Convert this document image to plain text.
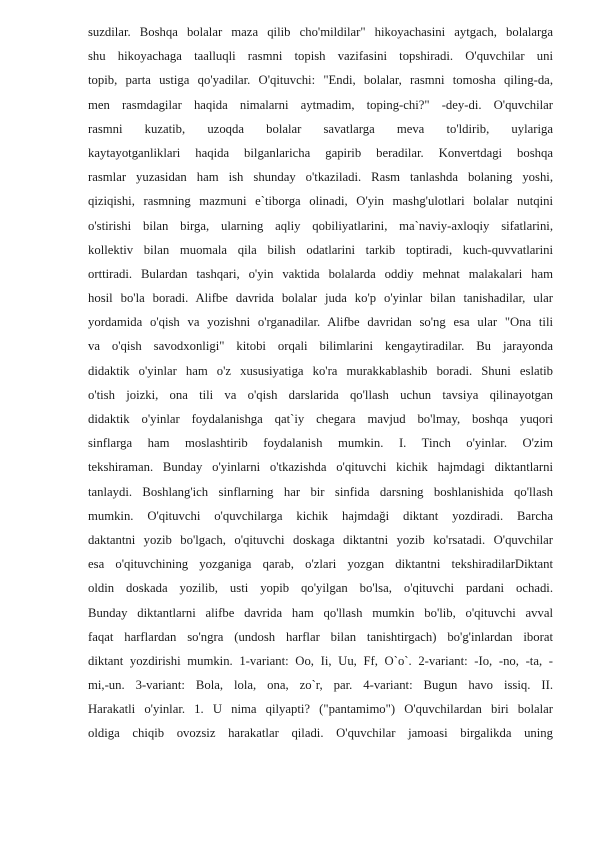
suzdilar. Boshqa bolalar maza qilib cho'mildilar" hikoyachasini aytgach, bolalarga
shu hikoyachaga taalluqli rasmni topish vazifasini topshiradi. O'quvchilar uni
topib, parta ustiga qo'yadilar. O'qituvchi: "Endi, bolalar, rasmni tomosha qiling-da,
men rasmdagilar haqida nimalarni aytmadim, toping-chi?" -dey-di. O'quvchilar
rasmni kuzatib, uzoqda bolalar savatlarga meva to'ldirib, uylariga
kaytayotganliklari haqida bilganlaricha gapirib beradilar. Konvertdagi boshqa
rasmlar yuzasidan ham ish shunday o'tkaziladi. Rasm tanlashda bolaning yoshi,
qiziqishi, rasmning mazmuni e`tiborga olinadi, O'yin mashg'ulotlari bolalar nutqini
o'stirishi bilan birga, ularning aqliy qobiliyatlarini, ma`naviy-axloqiy sifatlarini,
kollektiv bilan muomala qila bilish odatlarini tarkib toptiradi, kuch-quvvatlarini
orttiradi. Bulardan tashqari, o'yin vaktida bolalarda oddiy mehnat malakalari ham
hosil bo'la boradi. Alifbe davrida bolalar juda ko'p o'yinlar bilan tanishadilar, ular
yordamida o'qish va yozishni o'rganadilar. Alifbe davridan so'ng esa ular "Ona tili
va o'qish savodxonligi" kitobi orqali bilimlarini kengaytiradilar. Bu jarayonda
didaktik o'yinlar ham o'z xususiyatiga ko'ra murakkablashib boradi. Shuni eslatib
o'tish joizki, ona tili va o'qish darslarida qo'llash uchun tavsiya qilinayotgan
didaktik o'yinlar foydalanishga qat`iy chegara mavjud bo'lmay, boshqa yuqori
sinflarga ham moslashtirib foydalanish mumkin. I. Tinch o'yinlar. O'zim
tekshiraman. Bunday o'yinlarni o'tkazishda o'qituvchi kichik hajmdagi diktantlarni
tanlaydi. Boshlang'ich sinflarning har bir sinfida darsning boshlanishida qo'llash
mumkin. O'qituvchi o'quvchilarga kichik hajmdaği diktant yozdiradi. Barcha
daktantni yozib bo'lgach, o'qituvchi doskaga diktantni yozib ko'rsatadi. O'quvchilar
esa o'qituvchining yozganiga qarab, o'zlari yozgan diktantni tekshiradilarDiktant
oldin doskada yozilib, usti yopib qo'yilgan bo'lsa, o'qituvchi pardani ochadi.
Bunday diktantlarni alifbe davrida ham qo'llash mumkin bo'lib, o'qituvchi avval
faqat harflardan so'ngra (undosh harflar bilan tanishtirgach) bo'g'inlardan iborat
diktant yozdirishi mumkin. 1-variant: Oo, Ii, Uu, Ff, O`o`. 2-variant: -Io, -no, -ta, -
mi,-un. 3-variant: Bola, lola, ona, zo`r, par. 4-variant: Bugun havo issiq. II.
Harakatli o'yinlar. 1. U nima qilyapti? ("pantamimo") O'quvchilardan biri bolalar
oldiga chiqib ovozsiz harakatlar qiladi. O'quvchilar jamoasi birgalikda uning
